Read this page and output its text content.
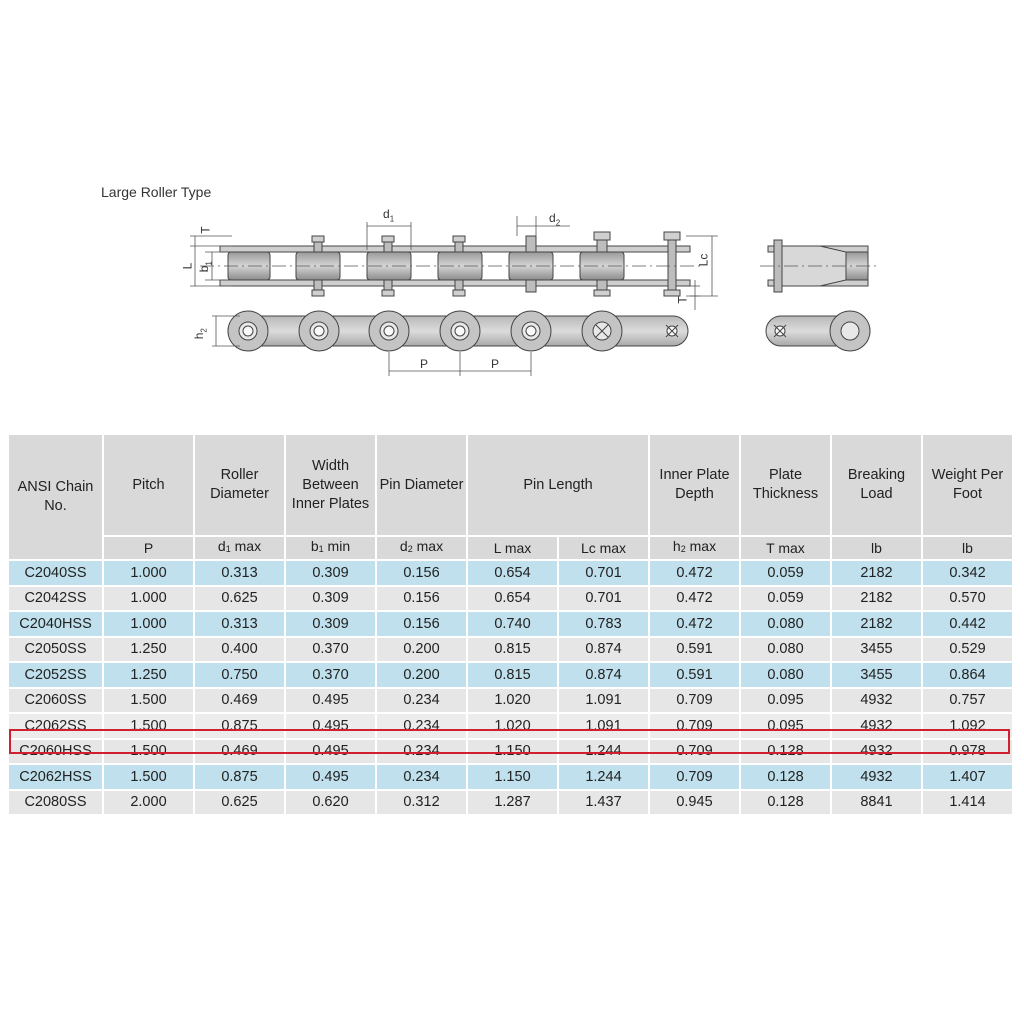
Large Roller Type
T
L $b_1$
$d_1$	$d_2$
Lc
T
$h_2$
P	P
ANSI Chain No.	Pitch	Roller Diameter	Width Between Inner Plates	Pin Diameter	Pin Length		Inner Plate Depth	Plate Thickness	Breaking Load	Weight Per Foot
	P	$d_1$ max	$b_1$ min	$d_2$ max	L max	Lc max	$h_2$ max	T max	lb	lb
C2040SS	1.000	0.313	0.309	0.156	0.654	0.701	0.472	0.059	2182	0.342
C2042SS	1.000	0.625	0.309	0.156	0.654	0.701	0.472	0.059	2182	0.570
C2040HSS	1.000	0.313	0.309	0.156	0.740	0.783	0.472	0.080	2182	0.442
C2050SS	1.250	0.400	0.370	0.200	0.815	0.874	0.591	0.080	3455	0.529
C2052SS	1.250	0.750	0.370	0.200	0.815	0.874	0.591	0.080	3455	0.864
C2060SS	1.500	0.469	0.495	0.234	1.020	1.091	0.709	0.095	4932	0.757
C2062SS	1.500	0.875	0.495	0.234	1.020	1.091	0.709	0.095	4932	1.092
C2060HSS	1.500	0.469	0.495	0.234	1.150	1.244	0.709	0.128	4932	0.978
C2062HSS	1.500	0.875	0.495	0.234	1.150	1.244	0.709	0.128	4932	1.407
C2080SS	2.000	0.625	0.620	0.312	1.287	1.437	0.945	0.128	8841	1.414
